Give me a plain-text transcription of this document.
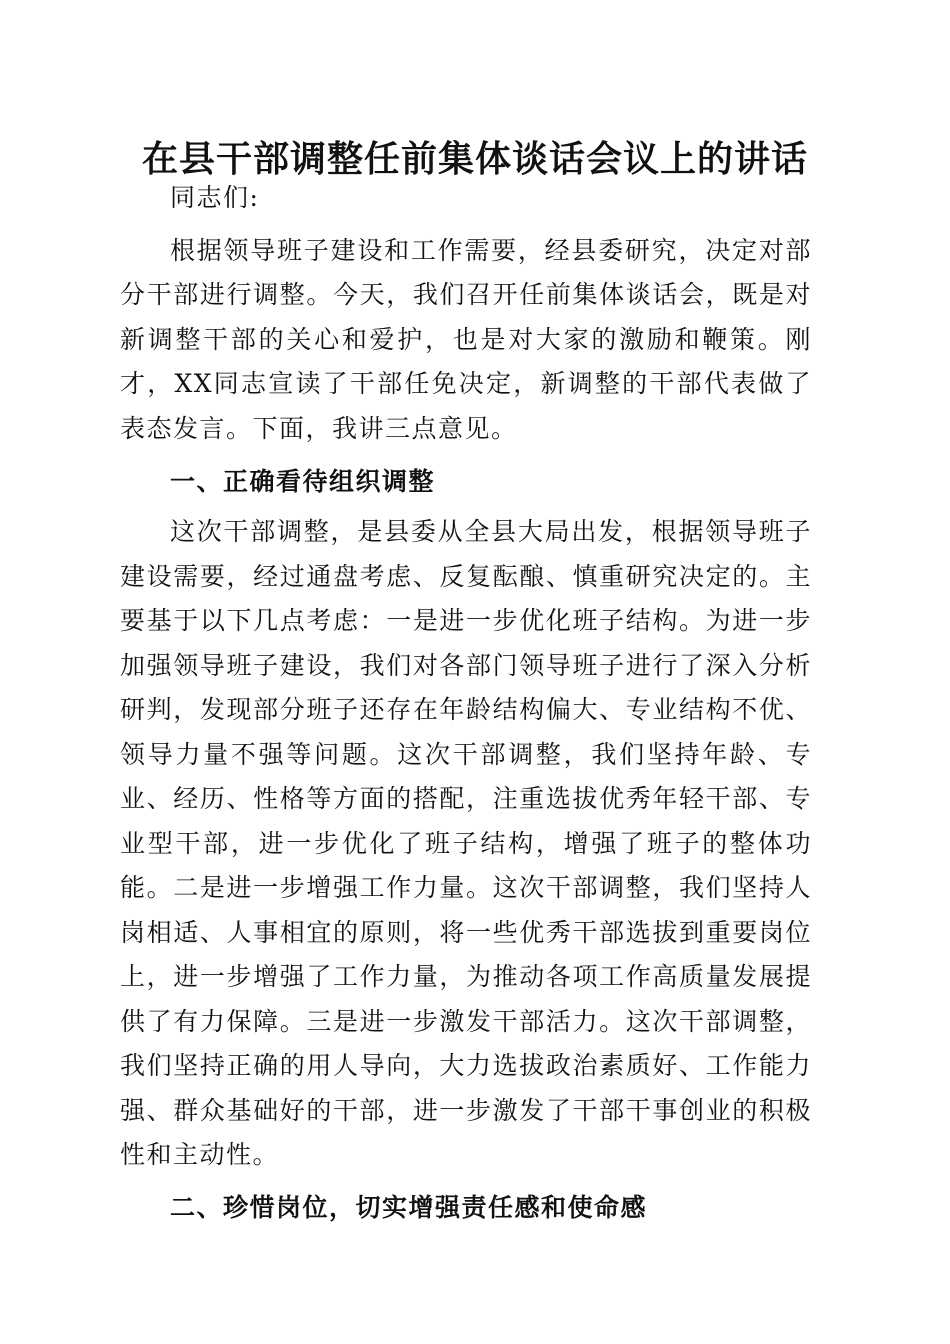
在县干部调整任前集体谈话会议上的讲话

同志们:

根据领导班子建设和工作需要，经县委研究，决定对部分干部进行调整。今天，我们召开任前集体谈话会，既是对新调整干部的关心和爱护，也是对大家的激励和鞭策。刚才，XX同志宣读了干部任免决定，新调整的干部代表做了表态发言。下面，我讲三点意见。

一、正确看待组织调整

这次干部调整，是县委从全县大局出发，根据领导班子建设需要，经过通盘考虑、反复酝酿、慎重研究决定的。主要基于以下几点考虑：一是进一步优化班子结构。为进一步加强领导班子建设，我们对各部门领导班子进行了深入分析研判，发现部分班子还存在年龄结构偏大、专业结构不优、领导力量不强等问题。这次干部调整，我们坚持年龄、专业、经历、性格等方面的搭配，注重选拔优秀年轻干部、专业型干部，进一步优化了班子结构，增强了班子的整体功能。二是进一步增强工作力量。这次干部调整，我们坚持人岗相适、人事相宜的原则，将一些优秀干部选拔到重要岗位上，进一步增强了工作力量，为推动各项工作高质量发展提供了有力保障。三是进一步激发干部活力。这次干部调整，我们坚持正确的用人导向，大力选拔政治素质好、工作能力强、群众基础好的干部，进一步激发了干部干事创业的积极性和主动性。

二、珍惜岗位，切实增强责任感和使命感
